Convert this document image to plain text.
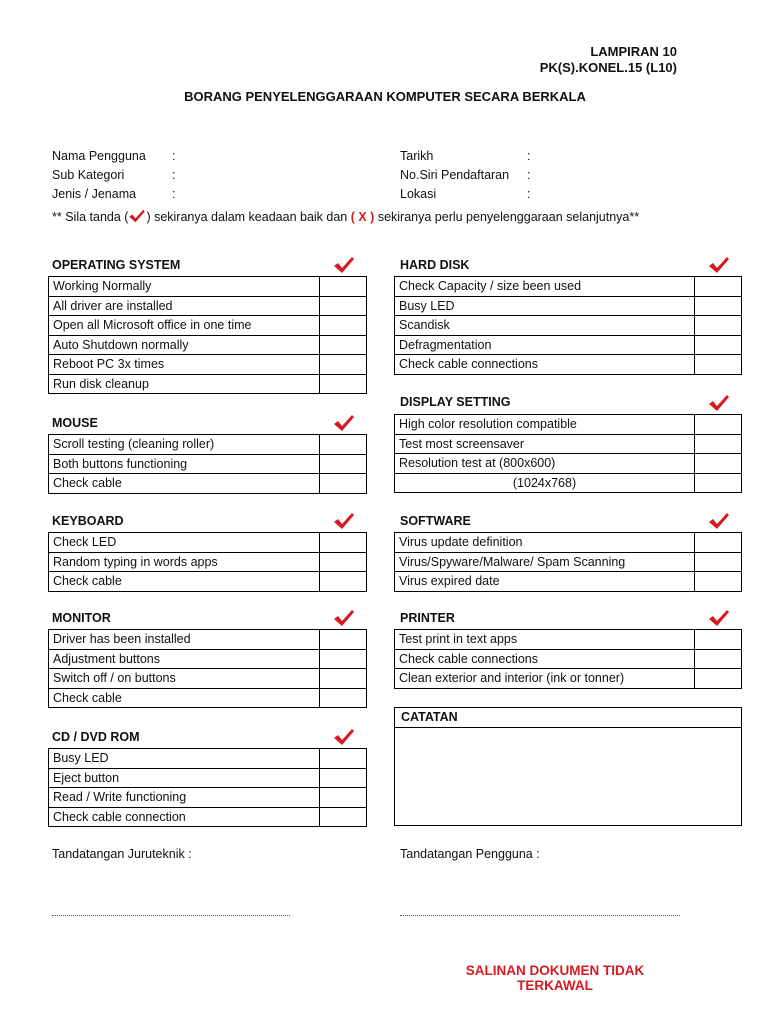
LAMPIRAN 10
PK(S).KONEL.15 (L10)
BORANG PENYELENGGARAAN KOMPUTER SECARA BERKALA
Nama Pengguna :
Sub Kategori	:
Jenis / Jenama	:
Tarikh	:
No.Siri Pendaftaran :
Lokasi	:
** Sila tanda ( ) sekiranya dalam keadaan baik dan ( X ) sekiranya perlu penyelenggaraan selanjutnya**
OPERATING SYSTEM
Working Normally
All driver are installed
Open all Microsoft office in one time
Auto Shutdown normally
Reboot PC 3x times
Run disk cleanup
MOUSE
Scroll testing (cleaning roller)
Both buttons functioning
Check cable
KEYBOARD
Check LED
Random typing in words apps
Check cable
MONITOR
Driver has been installed
Adjustment buttons
Switch off / on buttons
Check cable
CD / DVD ROM
Busy LED
Eject button
Read / Write functioning
Check cable connection
HARD DISK
Check Capacity / size been used
Busy LED
Scandisk
Defragmentation
Check cable connections
DISPLAY SETTING
High color resolution compatible
Test most screensaver
Resolution test at (800x600)
(1024x768)
SOFTWARE
Virus update definition
Virus/Spyware/Malware/ Spam Scanning
Virus expired date
PRINTER
Test print in text apps
Check cable connections
Clean exterior and interior (ink or tonner)
CATATAN
Tandatangan Juruteknik :	Tandatangan Pengguna :
SALINAN DOKUMEN TIDAK TERKAWAL
